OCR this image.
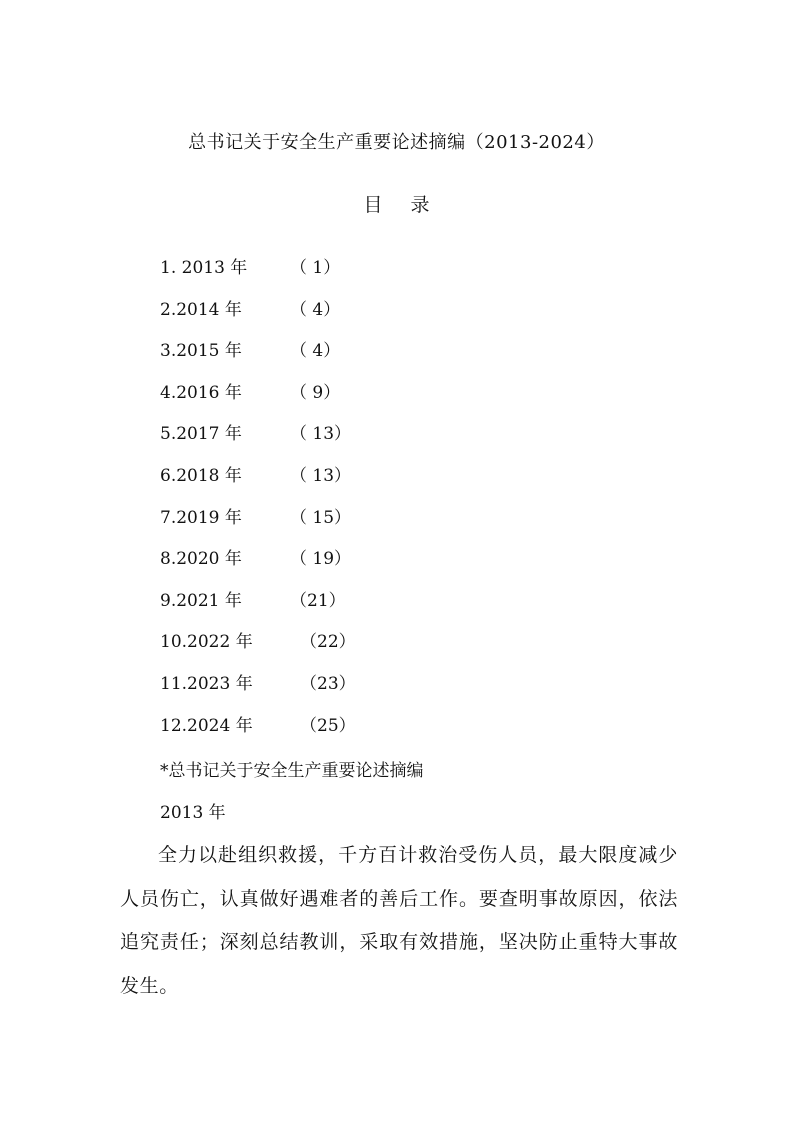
总书记关于安全生产重要论述摘编（2013-2024）
目 录
1. 2013 年	（ 1）
2.2014 年	（ 4）
3.2015 年	（ 4）
4.2016 年	（ 9）
5.2017 年	（ 13）
6.2018 年	（ 13）
7.2019 年	（ 15）
8.2020 年	（ 19）
9.2021 年	（21）
10.2022 年	（22）
11.2023 年	（23）
12.2024 年	（25）
*总书记关于安全生产重要论述摘编
2013 年

全力以赴组织救援，千方百计救治受伤人员，最大限度减少人员伤亡，认真做好遇难者的善后工作。要查明事故原因，依法追究责任；深刻总结教训，采取有效措施，坚决防止重特大事故发生。
